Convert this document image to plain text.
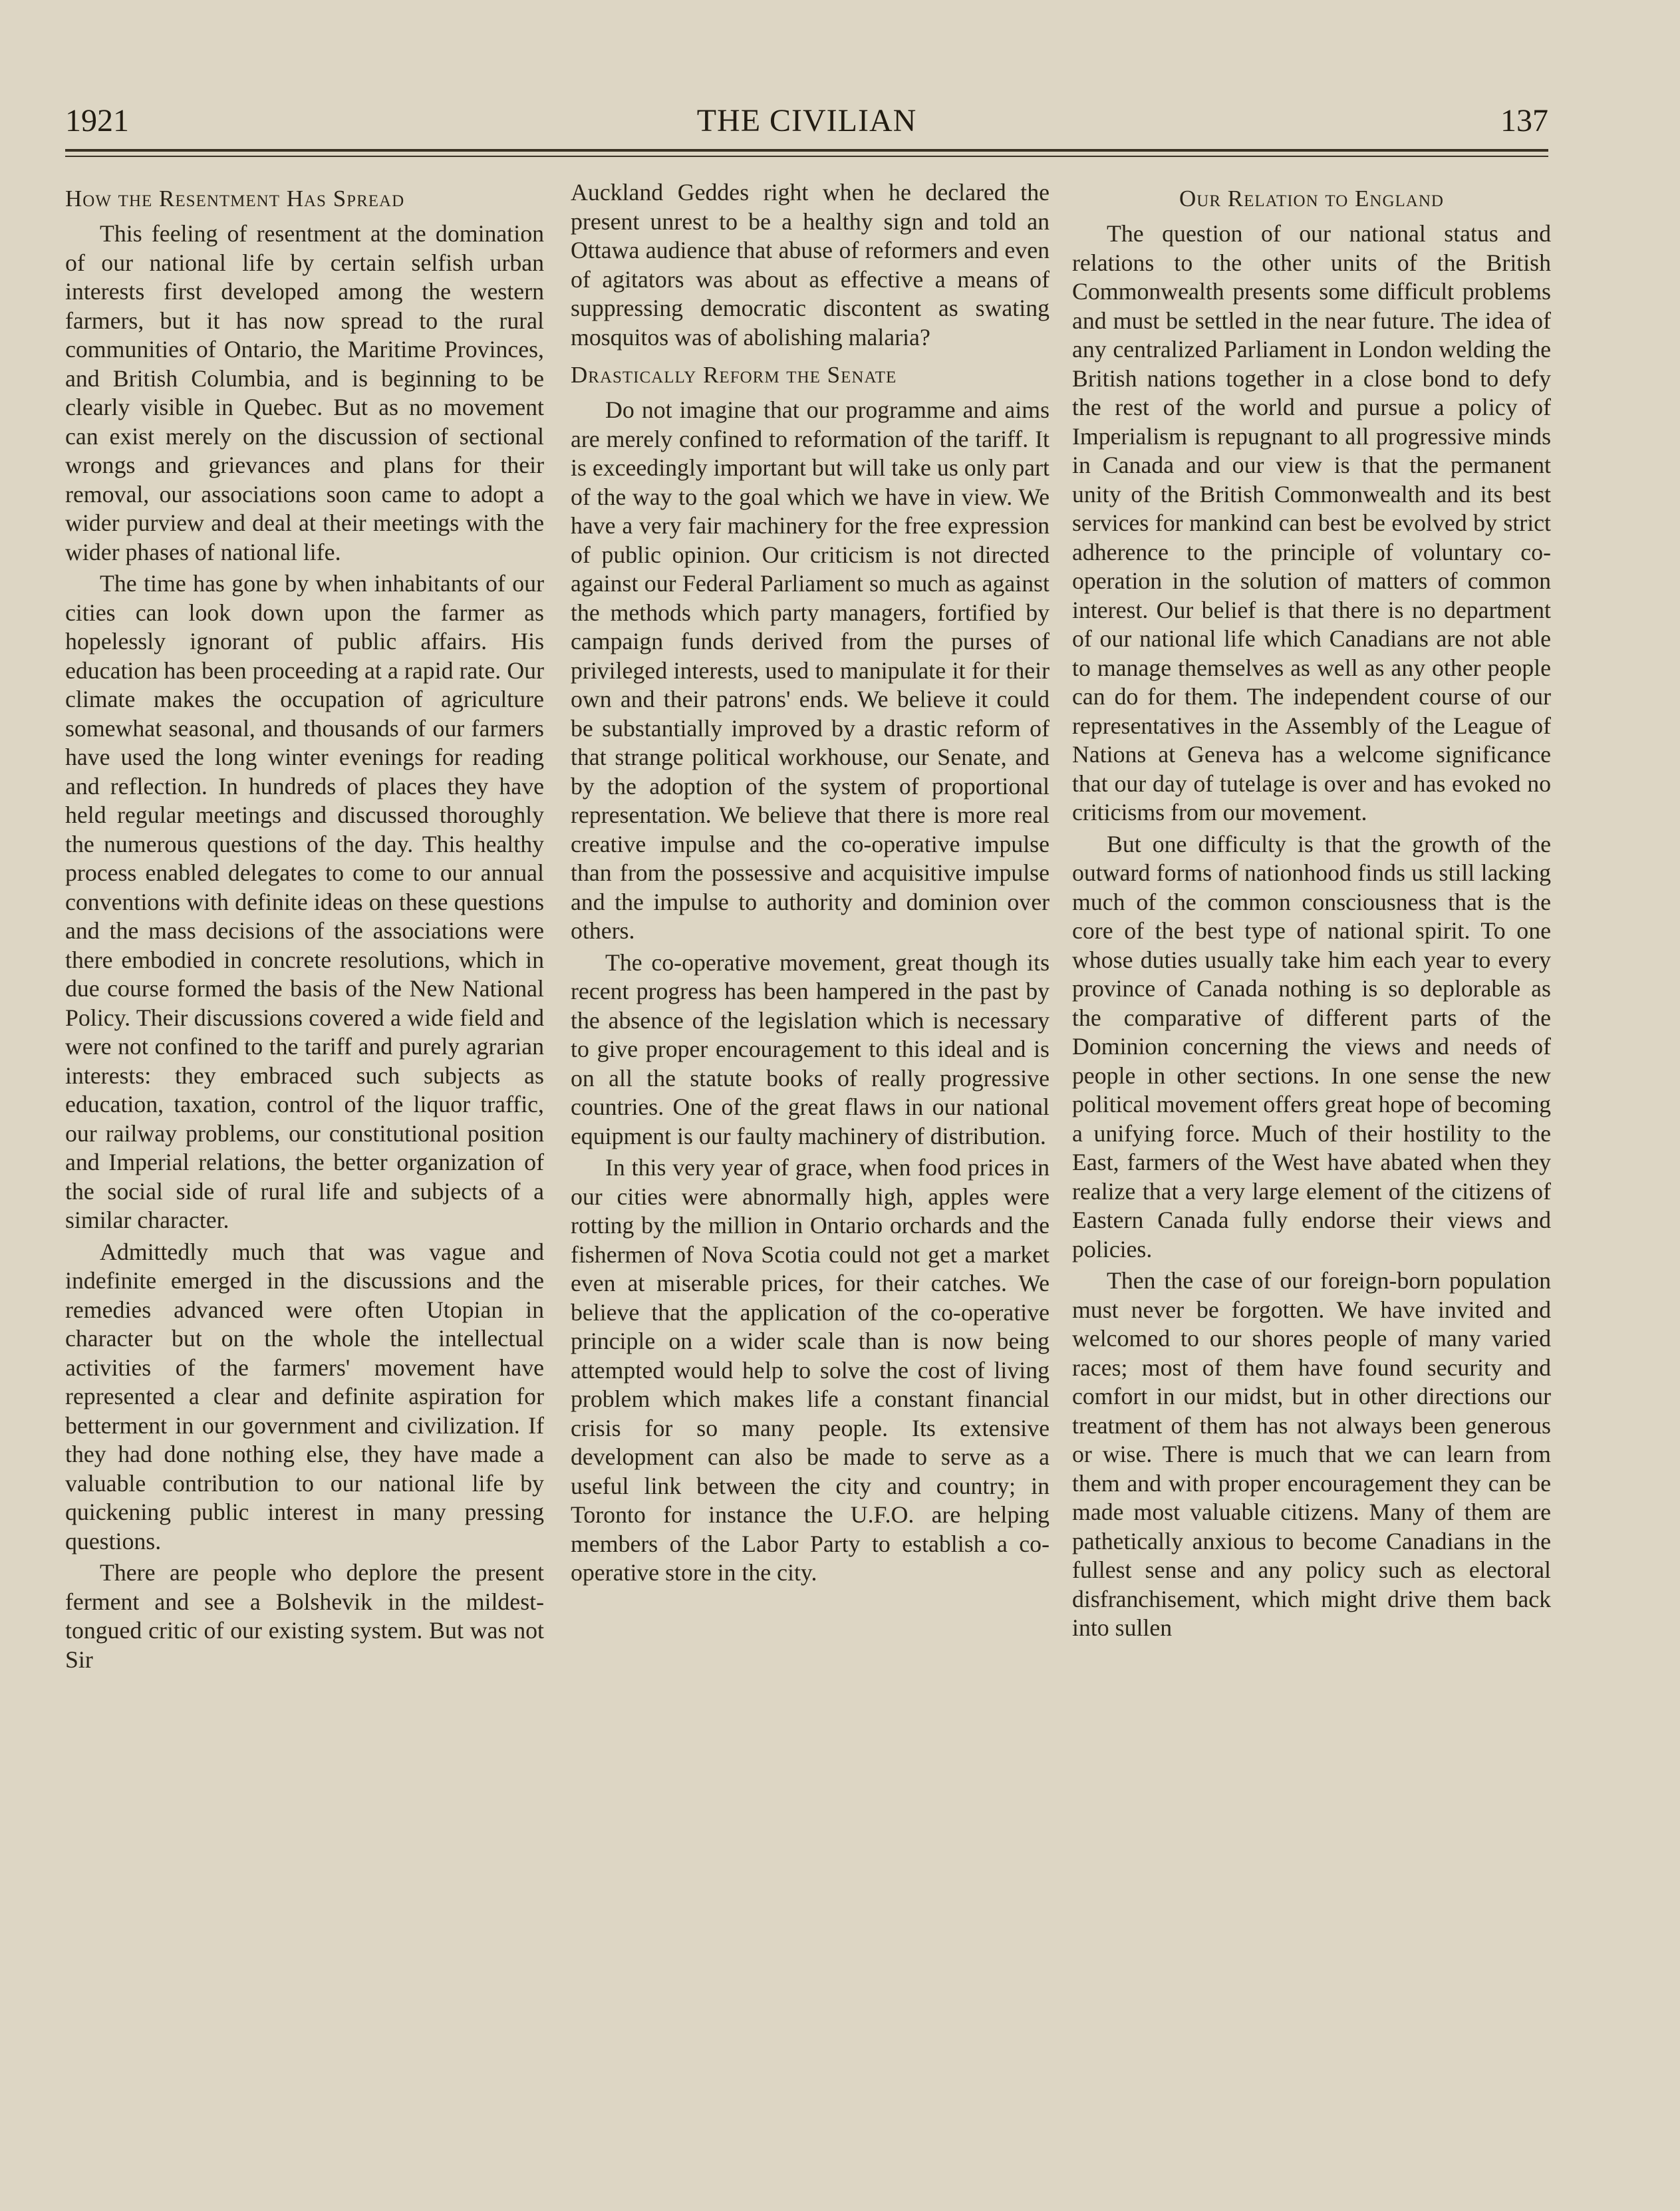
THE CIVILIAN
1921	137
How the Resentment Has Spread

This feeling of resentment at the domination of our national life by certain selfish urban interests first developed among the western farmers, but it has now spread to the rural communities of Ontario, the Maritime Provinces, and British Columbia, and is beginning to be clearly visible in Quebec. But as no movement can exist merely on the discussion of sectional wrongs and grievances and plans for their removal, our associations soon came to adopt a wider purview and deal at their meetings with the wider phases of national life.

The time has gone by when inhabitants of our cities can look down upon the farmer as hopelessly ignorant of public affairs. His education has been proceeding at a rapid rate. Our climate makes the occupation of agriculture somewhat seasonal, and thousands of our farmers have used the long winter evenings for reading and reflection. In hundreds of places they have held regular meetings and discussed thoroughly the numerous questions of the day. This healthy process enabled delegates to come to our annual conventions with definite ideas on these questions and the mass decisions of the associations were there embodied in concrete resolutions, which in due course formed the basis of the New National Policy. Their discussions covered a wide field and were not confined to the tariff and purely agrarian interests: they embraced such subjects as education, taxation, control of the liquor traffic, our railway problems, our constitutional position and Imperial relations, the better organization of the social side of rural life and subjects of a similar character.

Admittedly much that was vague and indefinite emerged in the discussions and the remedies advanced were often Utopian in character but on the whole the intellectual activities of the farmers' movement have represented a clear and definite aspiration for betterment in our government and civilization. If they had done nothing else, they have made a valuable contribution to our national life by quickening public interest in many pressing questions.

There are people who deplore the present ferment and see a Bolshevik in the mildest-tongued critic of our existing system. But was not Sir

Auckland Geddes right when he declared the present unrest to be a healthy sign and told an Ottawa audience that abuse of reformers and even of agitators was about as effective a means of suppressing democratic discontent as swating mosquitos was of abolishing malaria?

Drastically Reform the Senate

Do not imagine that our programme and aims are merely confined to reformation of the tariff. It is exceedingly important but will take us only part of the way to the goal which we have in view. We have a very fair machinery for the free expression of public opinion. Our criticism is not directed against our Federal Parliament so much as against the methods which party managers, fortified by campaign funds derived from the purses of privileged interests, used to manipulate it for their own and their patrons' ends. We believe it could be substantially improved by a drastic reform of that strange political workhouse, our Senate, and by the adoption of the system of proportional representation. We believe that there is more real creative impulse and the co-operative impulse than from the possessive and acquisitive impulse and the impulse to authority and dominion over others.

The co-operative movement, great though its recent progress has been hampered in the past by the absence of the legislation which is necessary to give proper encouragement to this ideal and is on all the statute books of really progressive countries. One of the great flaws in our national equipment is our faulty machinery of distribution.

In this very year of grace, when food prices in our cities were abnormally high, apples were rotting by the million in Ontario orchards and the fishermen of Nova Scotia could not get a market even at miserable prices, for their catches. We believe that the application of the co-operative principle on a wider scale than is now being attempted would help to solve the cost of living problem which makes life a constant financial crisis for so many people. Its extensive development can also be made to serve as a useful link between the city and country; in Toronto for instance the U.F.O. are helping members of the Labor Party to establish a co-operative store in the city.

Our Relation to England

The question of our national status and relations to the other units of the British Commonwealth presents some difficult problems and must be settled in the near future. The idea of any centralized Parliament in London welding the British nations together in a close bond to defy the rest of the world and pursue a policy of Imperialism is repugnant to all progressive minds in Canada and our view is that the permanent unity of the British Commonwealth and its best services for mankind can best be evolved by strict adherence to the principle of voluntary co-operation in the solution of matters of common interest. Our belief is that there is no department of our national life which Canadians are not able to manage themselves as well as any other people can do for them. The independent course of our representatives in the Assembly of the League of Nations at Geneva has a welcome significance that our day of tutelage is over and has evoked no criticisms from our movement.

But one difficulty is that the growth of the outward forms of nationhood finds us still lacking much of the common consciousness that is the core of the best type of national spirit. To one whose duties usually take him each year to every province of Canada nothing is so deplorable as the comparative of different parts of the Dominion concerning the views and needs of people in other sections. In one sense the new political movement offers great hope of becoming a unifying force. Much of their hostility to the East, farmers of the West have abated when they realize that a very large element of the citizens of Eastern Canada fully endorse their views and policies.

Then the case of our foreign-born population must never be forgotten. We have invited and welcomed to our shores people of many varied races; most of them have found security and comfort in our midst, but in other directions our treatment of them has not always been generous or wise. There is much that we can learn from them and with proper encouragement they can be made most valuable citizens. Many of them are pathetically anxious to become Canadians in the fullest sense and any policy such as electoral disfranchisement, which might drive them back into sullen
